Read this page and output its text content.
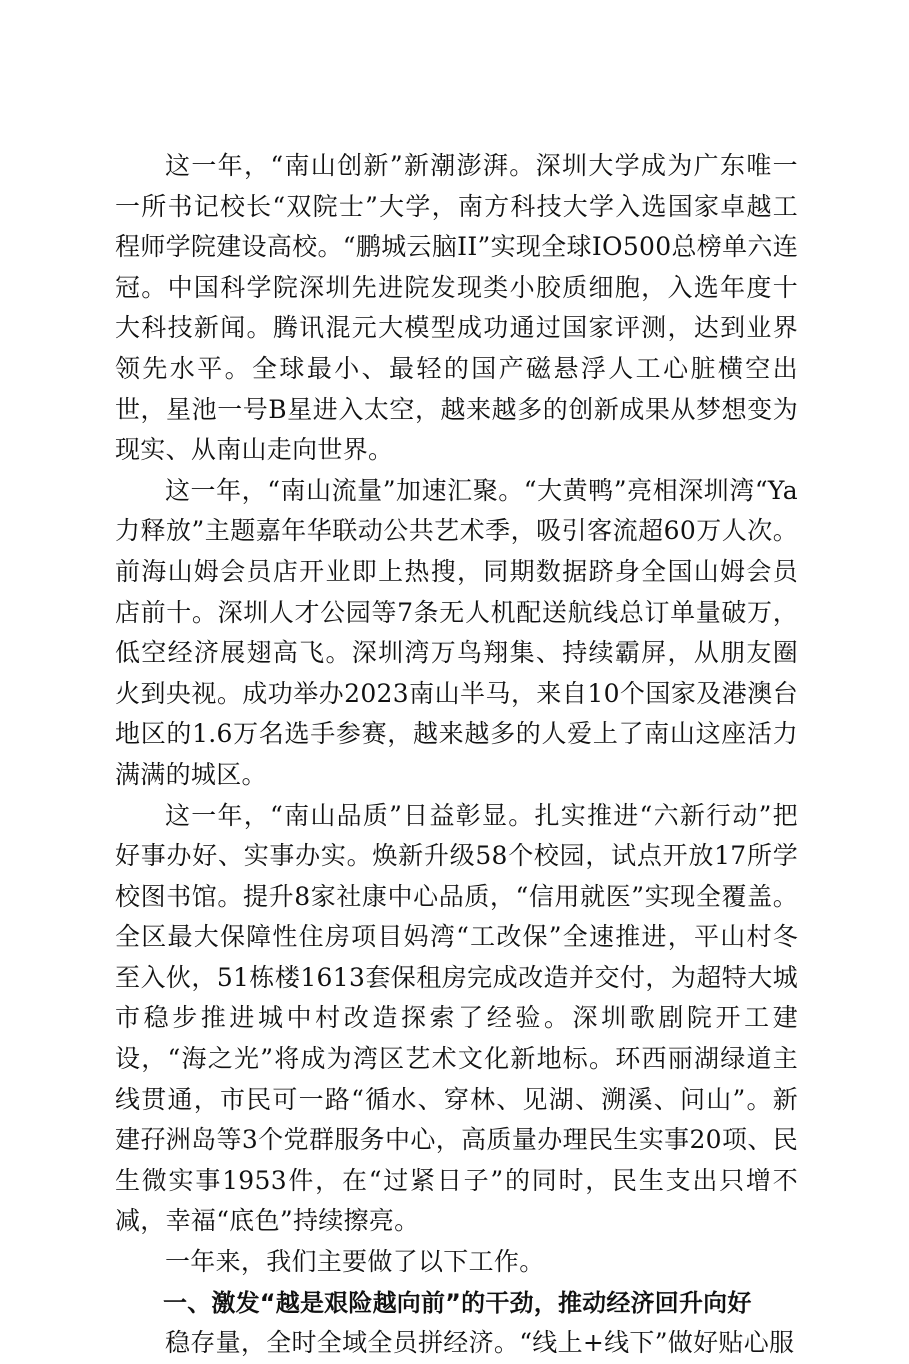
这一年，“南山创新”新潮澎湃。深圳大学成为广东唯一一所书记校长“双院士”大学，南方科技大学入选国家卓越工程师学院建设高校。“鹏城云脑II”实现全球IO500总榜单六连冠。中国科学院深圳先进院发现类小胶质细胞，入选年度十大科技新闻。腾讯混元大模型成功通过国家评测，达到业界领先水平。全球最小、最轻的国产磁悬浮人工心脏横空出世，星池一号B星进入太空，越来越多的创新成果从梦想变为现实、从南山走向世界。

这一年，“南山流量”加速汇聚。“大黄鸭”亮相深圳湾“Ya力释放”主题嘉年华联动公共艺术季，吸引客流超60万人次。前海山姆会员店开业即上热搜，同期数据跻身全国山姆会员店前十。深圳人才公园等7条无人机配送航线总订单量破万，低空经济展翅高飞。深圳湾万鸟翔集、持续霸屏，从朋友圈火到央视。成功举办2023南山半马，来自10个国家及港澳台地区的1.6万名选手参赛，越来越多的人爱上了南山这座活力满满的城区。

这一年，“南山品质”日益彰显。扎实推进“六新行动”把好事办好、实事办实。焕新升级58个校园，试点开放17所学校图书馆。提升8家社康中心品质，“信用就医”实现全覆盖。全区最大保障性住房项目妈湾“工改保”全速推进，平山村冬至入伙，51栋楼1613套保租房完成改造并交付，为超特大城市稳步推进城中村改造探索了经验。深圳歌剧院开工建设，“海之光”将成为湾区艺术文化新地标。环西丽湖绿道主线贯通，市民可一路“循水、穿林、见湖、溯溪、问山”。新建孖洲岛等3个党群服务中心，高质量办理民生实事20项、民生微实事1953件，在“过紧日子”的同时，民生支出只增不减，幸福“底色”持续擦亮。

一年来，我们主要做了以下工作。

一、激发“越是艰险越向前”的干劲，推动经济回升向好

稳存量，全时全域全员拼经济。“线上+线下”做好贴心服
